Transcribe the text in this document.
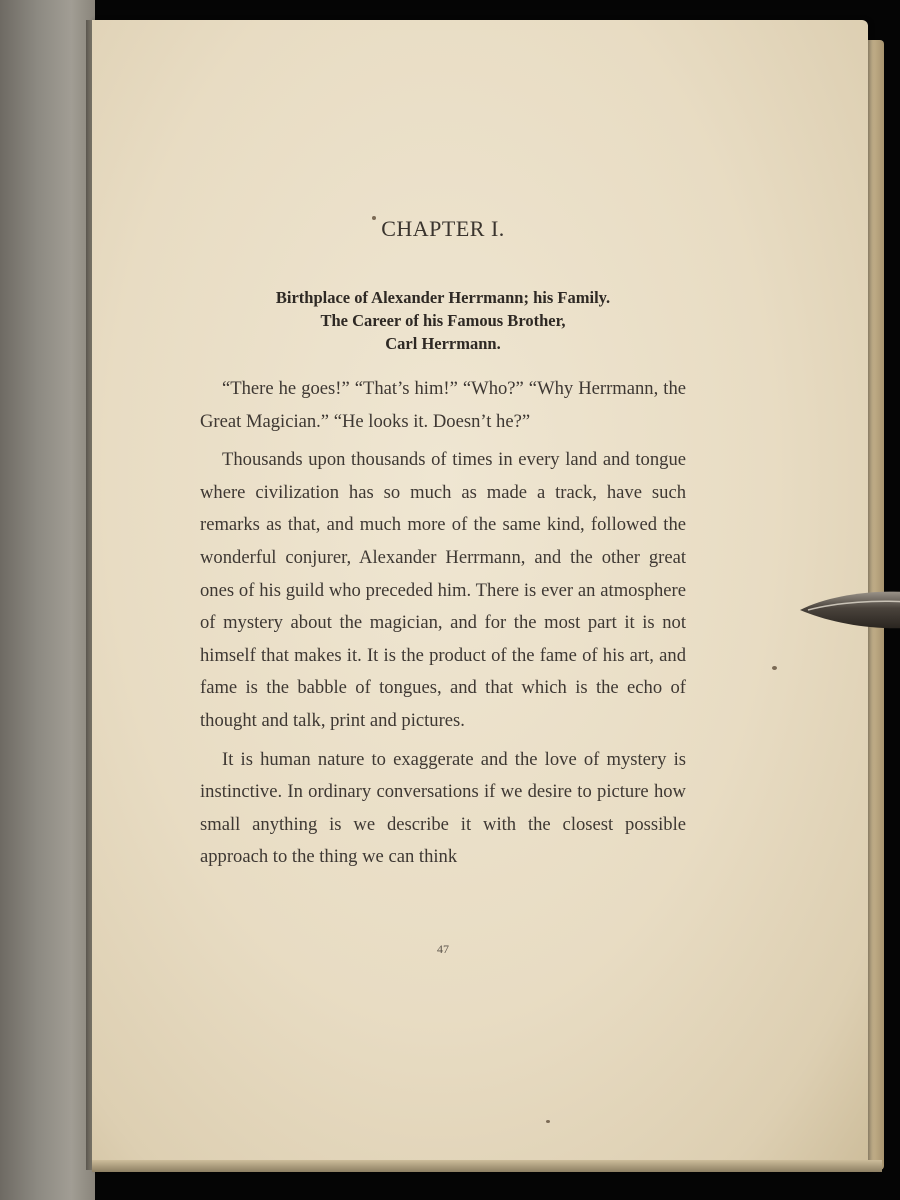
CHAPTER I.
Birthplace of Alexander Herrmann; his Family.
The Career of his Famous Brother,
Carl Herrmann.

“There he goes!” “That’s him!” “Who?” “Why Herrmann, the Great Magician.” “He looks it. Doesn’t he?”

Thousands upon thousands of times in every land and tongue where civilization has so much as made a track, have such remarks as that, and much more of the same kind, followed the wonderful conjurer, Alexander Herrmann, and the other great ones of his guild who preceded him. There is ever an atmosphere of mystery about the magician, and for the most part it is not himself that makes it. It is the product of the fame of his art, and fame is the babble of tongues, and that which is the echo of thought and talk, print and pictures.

It is human nature to exaggerate and the love of mystery is instinctive. In ordinary conversations if we desire to picture how small anything is we describe it with the closest possible approach to the thing we can think

47
